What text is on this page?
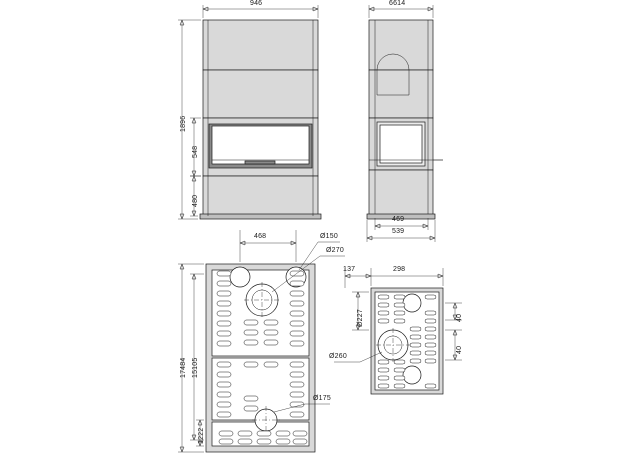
946	6614
1896
548
480
469
539
468	Ø150
Ø270
Ø175
Ø260
17484 15105
1222
137	298
Ø227	40
40
